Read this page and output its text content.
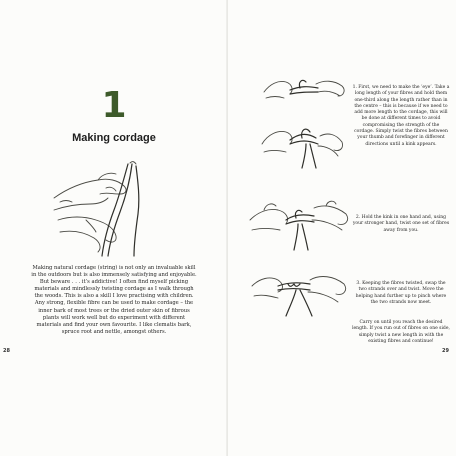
1
Making cordage
Making natural cordage (string) is not only an invaluable skill in the outdoors but is also immensely satisfying and enjoyable. But beware . . . it’s addictive! I often find myself picking materials and mindlessly twisting cordage as I walk through the woods. This is also a skill I love practising with children. Any strong, flexible fibre can be used to make cordage – the inner bark of most trees or the dried outer skin of fibrous plants will work well but do experiment with different materials and find your own favourite. I like clematis bark, spruce root and nettle, amongst others.
28
1. First, we need to make the ‘eye’. Take a long length of your fibres and hold them one-third along the length rather than in the centre – this is because if we need to add more length to the cordage, this will be done at different times to avoid compromising the strength of the cordage. Simply twist the fibres between your thumb and forefinger in different directions until a kink appears.
2. Hold the kink in one hand and, using your stronger hand, twist one set of fibres away from you.
3. Keeping the fibres twisted, swap the two strands over and twist. Move the helping hand further up to pinch where the two strands now meet.
Carry on until you reach the desired length. If you run out of fibres on one side, simply twist a new length in with the existing fibres and continue!
29
